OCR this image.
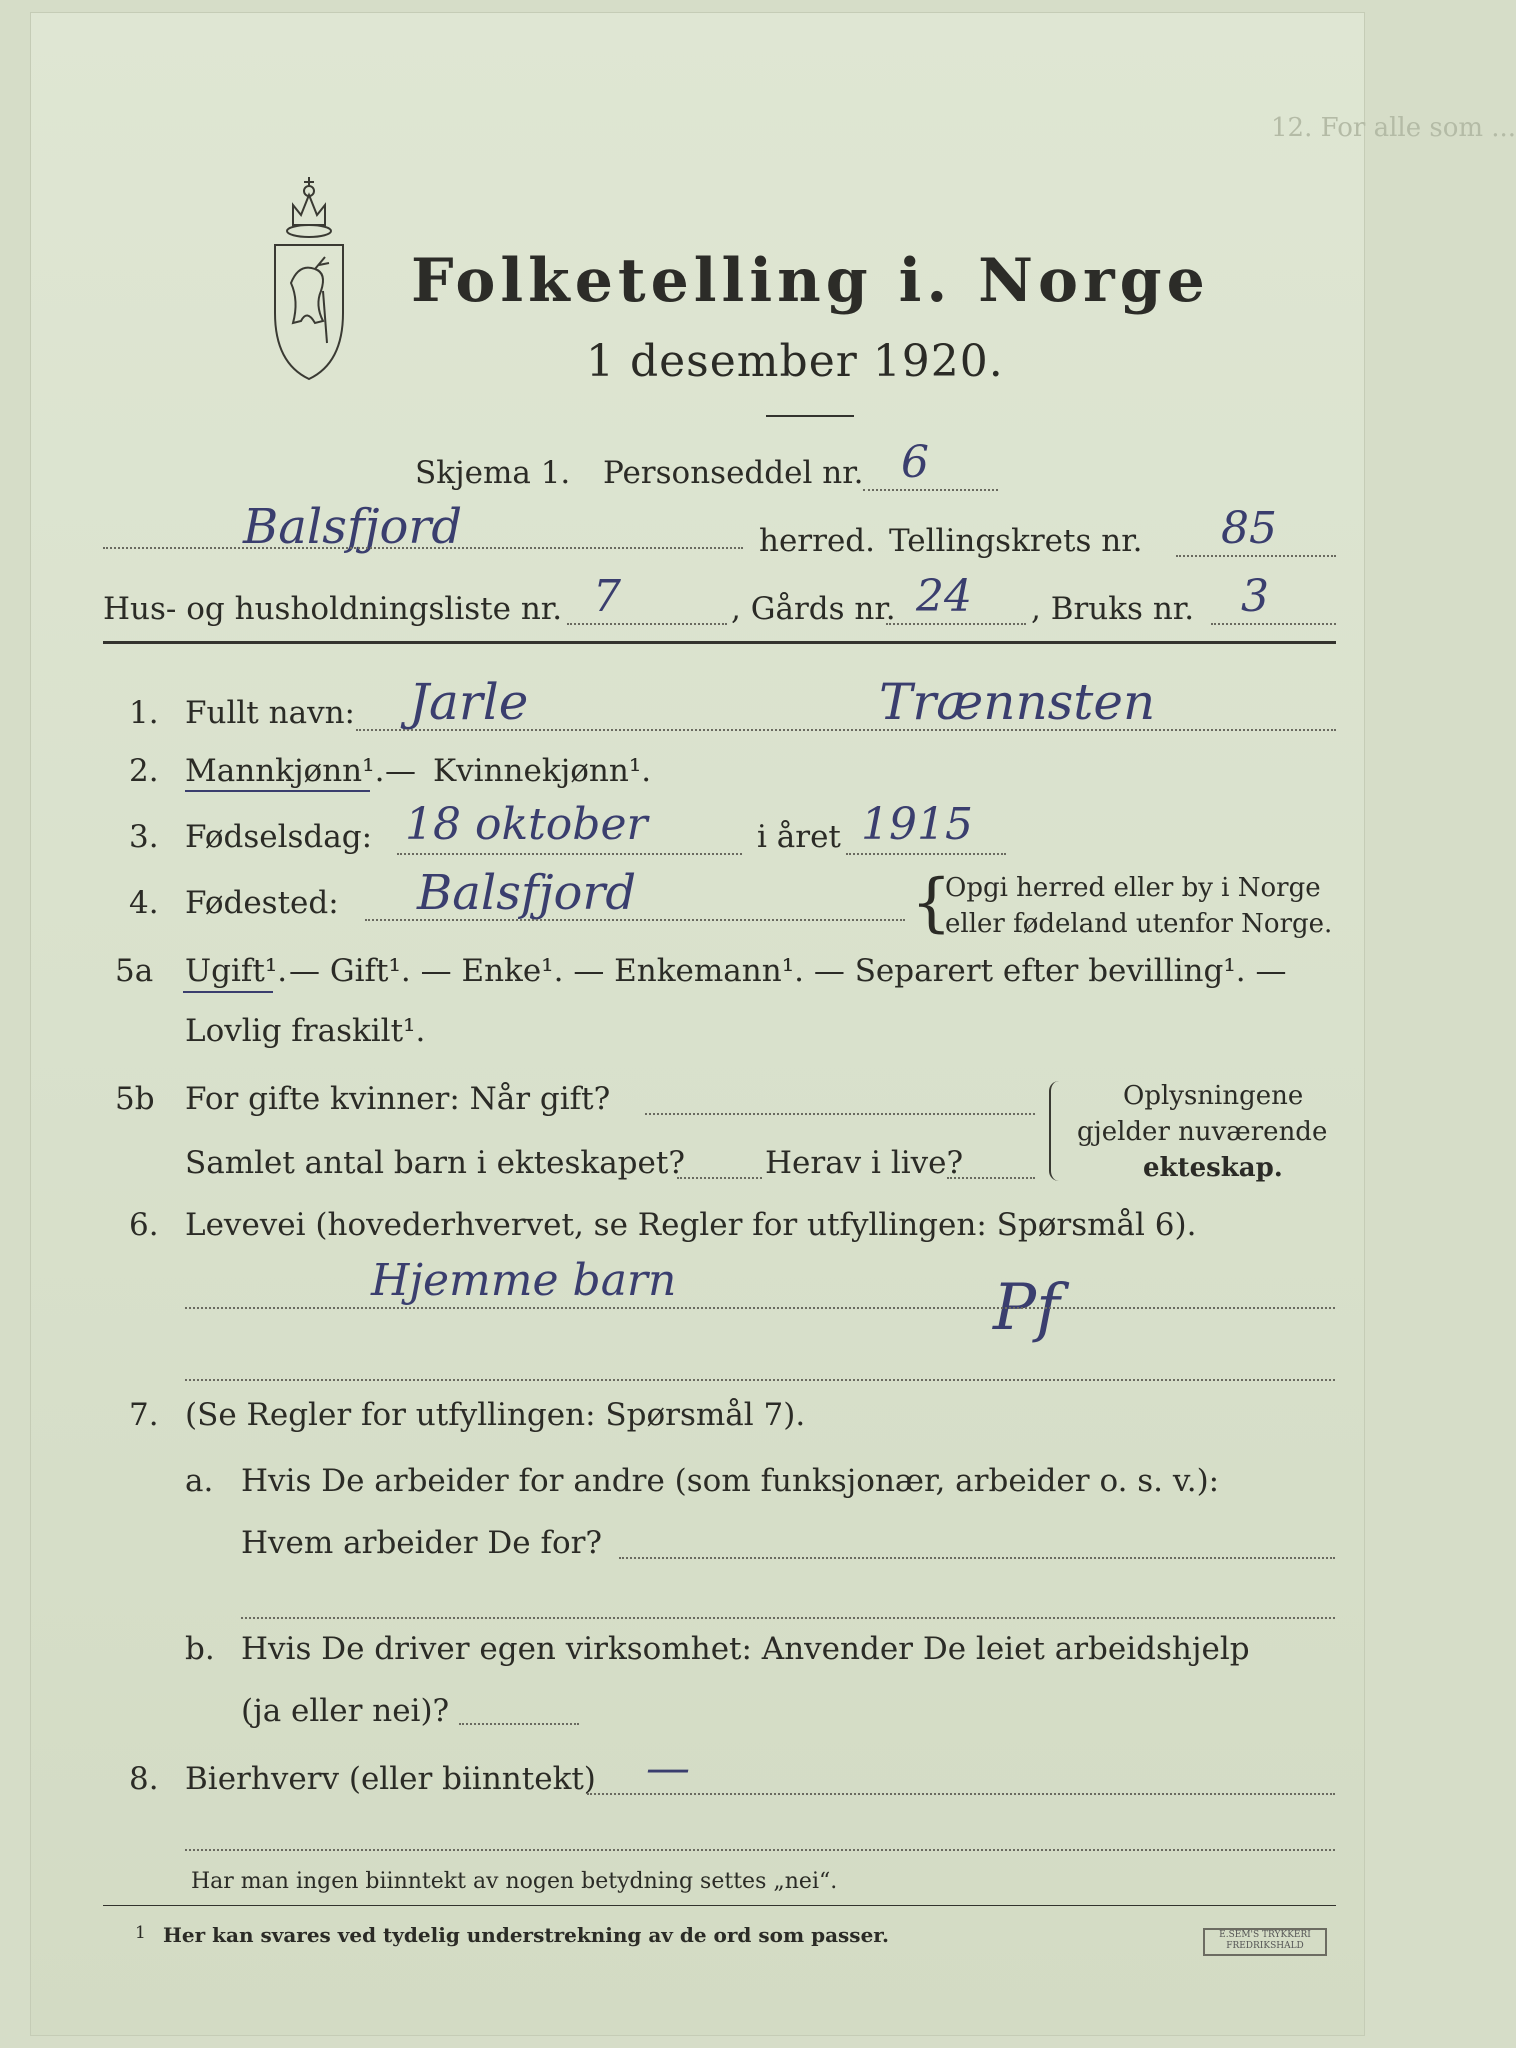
12. For alle som ...
Folketelling i. Norge
1 desember 1920.
Skjema 1. Personseddel nr. 6
Balsfjord	herred. Tellingskrets nr. 85
Hus- og husholdningsliste nr. 7	, Gårds nr. 24 , Bruks nr. 3
1. Fullt navn: Jarle	Trænnsten
2. Mannkjønn¹. — Kvinnekjønn¹.
3. Fødselsdag: 18 oktober	i året 1915
4. Fødested: Balsfjord	{
Opgi herred eller by i Norge
eller fødeland utenfor Norge.
5a Ugift¹. — Gift¹. — Enke¹. — Enkemann¹. — Separert efter bevilling¹. —
Lovlig fraskilt¹.
5b For gifte kvinner: Når gift?
Samlet antal barn i ekteskapet?	Herav i live?
Oplysningene
gjelder nuværende
ekteskap.
6. Levevei (hovederhvervet, se Regler for utfyllingen: Spørsmål 6).
Hjemme barn	Pf
7. (Se Regler for utfyllingen: Spørsmål 7).
a. Hvis De arbeider for andre (som funksjonær, arbeider o. s. v.):
Hvem arbeider De for?
b. Hvis De driver egen virksomhet: Anvender De leiet arbeidshjelp
(ja eller nei)?
8. Bierhverv (eller biinntekt) —
Har man ingen biinntekt av nogen betydning settes „nei“.
1 Her kan svares ved tydelig understrekning av de ord som passer.	E.SEM'S TRYKKERI
FREDRIKSHALD
